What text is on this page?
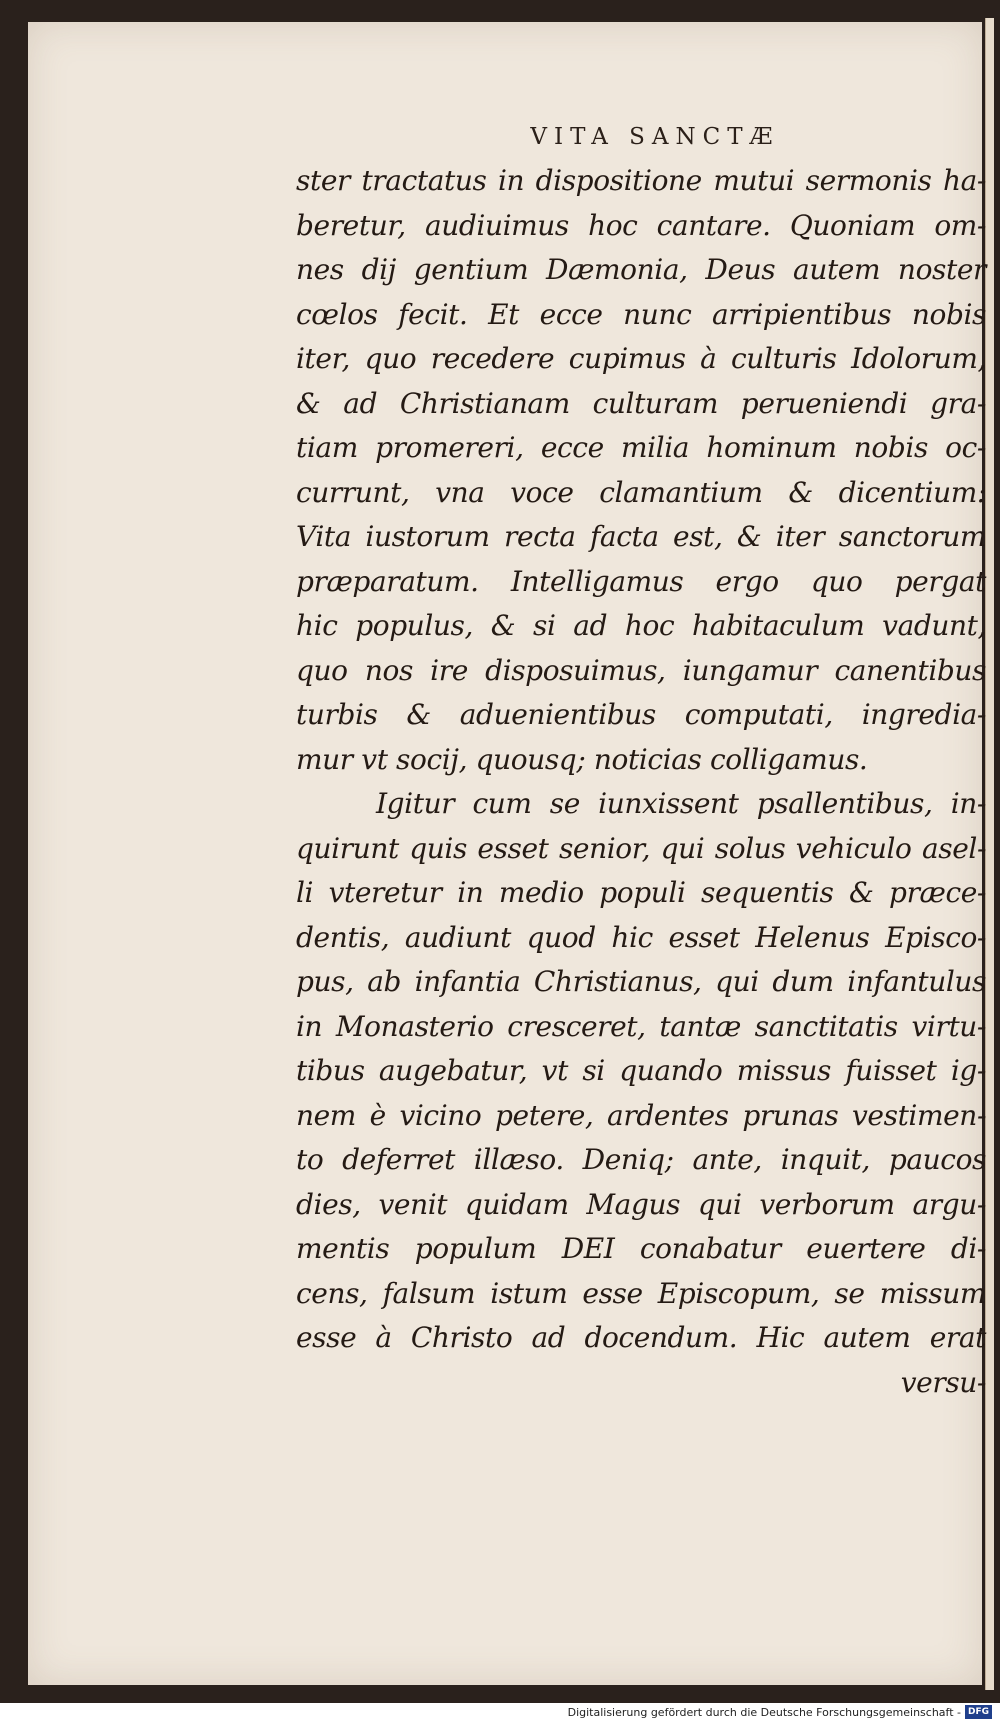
VITA SANCTÆ
ster tractatus in dispositione mutui sermonis ha-
beretur, audiuimus hoc cantare. Quoniam om-
nes dij gentium Dæmonia, Deus autem noster
cœlos fecit. Et ecce nunc arripientibus nobis
iter, quo recedere cupimus à culturis Idolorum,
& ad Christianam culturam perueniendi gra-
tiam promereri, ecce milia hominum nobis oc-
currunt, vna voce clamantium & dicentium:
Vita iustorum recta facta est, & iter sanctorum
præparatum. Intelligamus ergo quo pergat
hic populus, & si ad hoc habitaculum vadunt,
quo nos ire disposuimus, iungamur canentibus
turbis & aduenientibus computati, ingredia-
mur vt socij, quousq; noticias colligamus.
Igitur cum se iunxissent psallentibus, in-
quirunt quis esset senior, qui solus vehiculo asel-
li vteretur in medio populi sequentis & præce-
dentis, audiunt quod hic esset Helenus Episco-
pus, ab infantia Christianus, qui dum infantulus
in Monasterio cresceret, tantæ sanctitatis virtu-
tibus augebatur, vt si quando missus fuisset ig-
nem è vicino petere, ardentes prunas vestimen-
to deferret illæso. Deniq; ante, inquit, paucos
dies, venit quidam Magus qui verborum argu-
mentis populum DEI conabatur euertere di-
cens, falsum istum esse Episcopum, se missum
esse à Christo ad docendum. Hic autem erat
versu-
Digitalisierung gefördert durch die Deutsche Forschungsgemeinschaft - DFG
